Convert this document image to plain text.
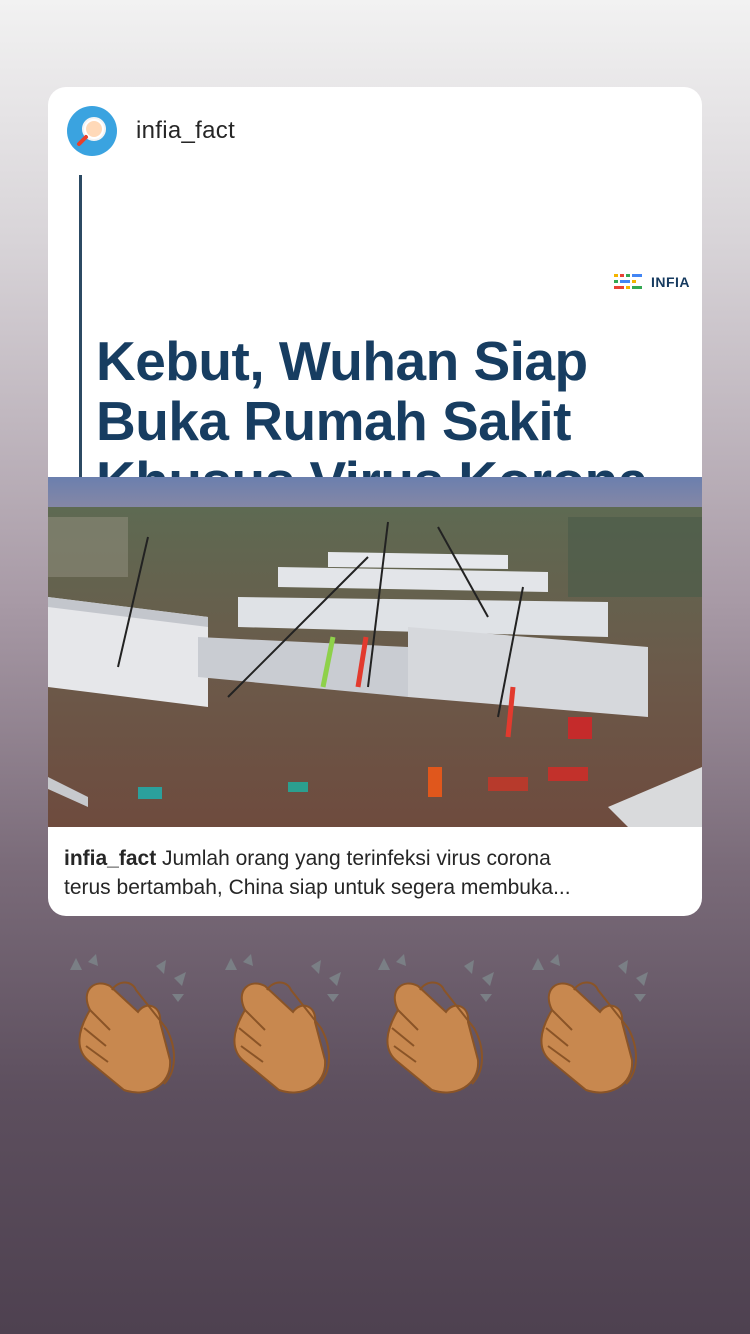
infia_fact
INFIA
Kebut, Wuhan Siap
Buka Rumah Sakit
infia_fact Jumlah orang yang terinfeksi virus corona
terus bertambah, China siap untuk segera membuka...
